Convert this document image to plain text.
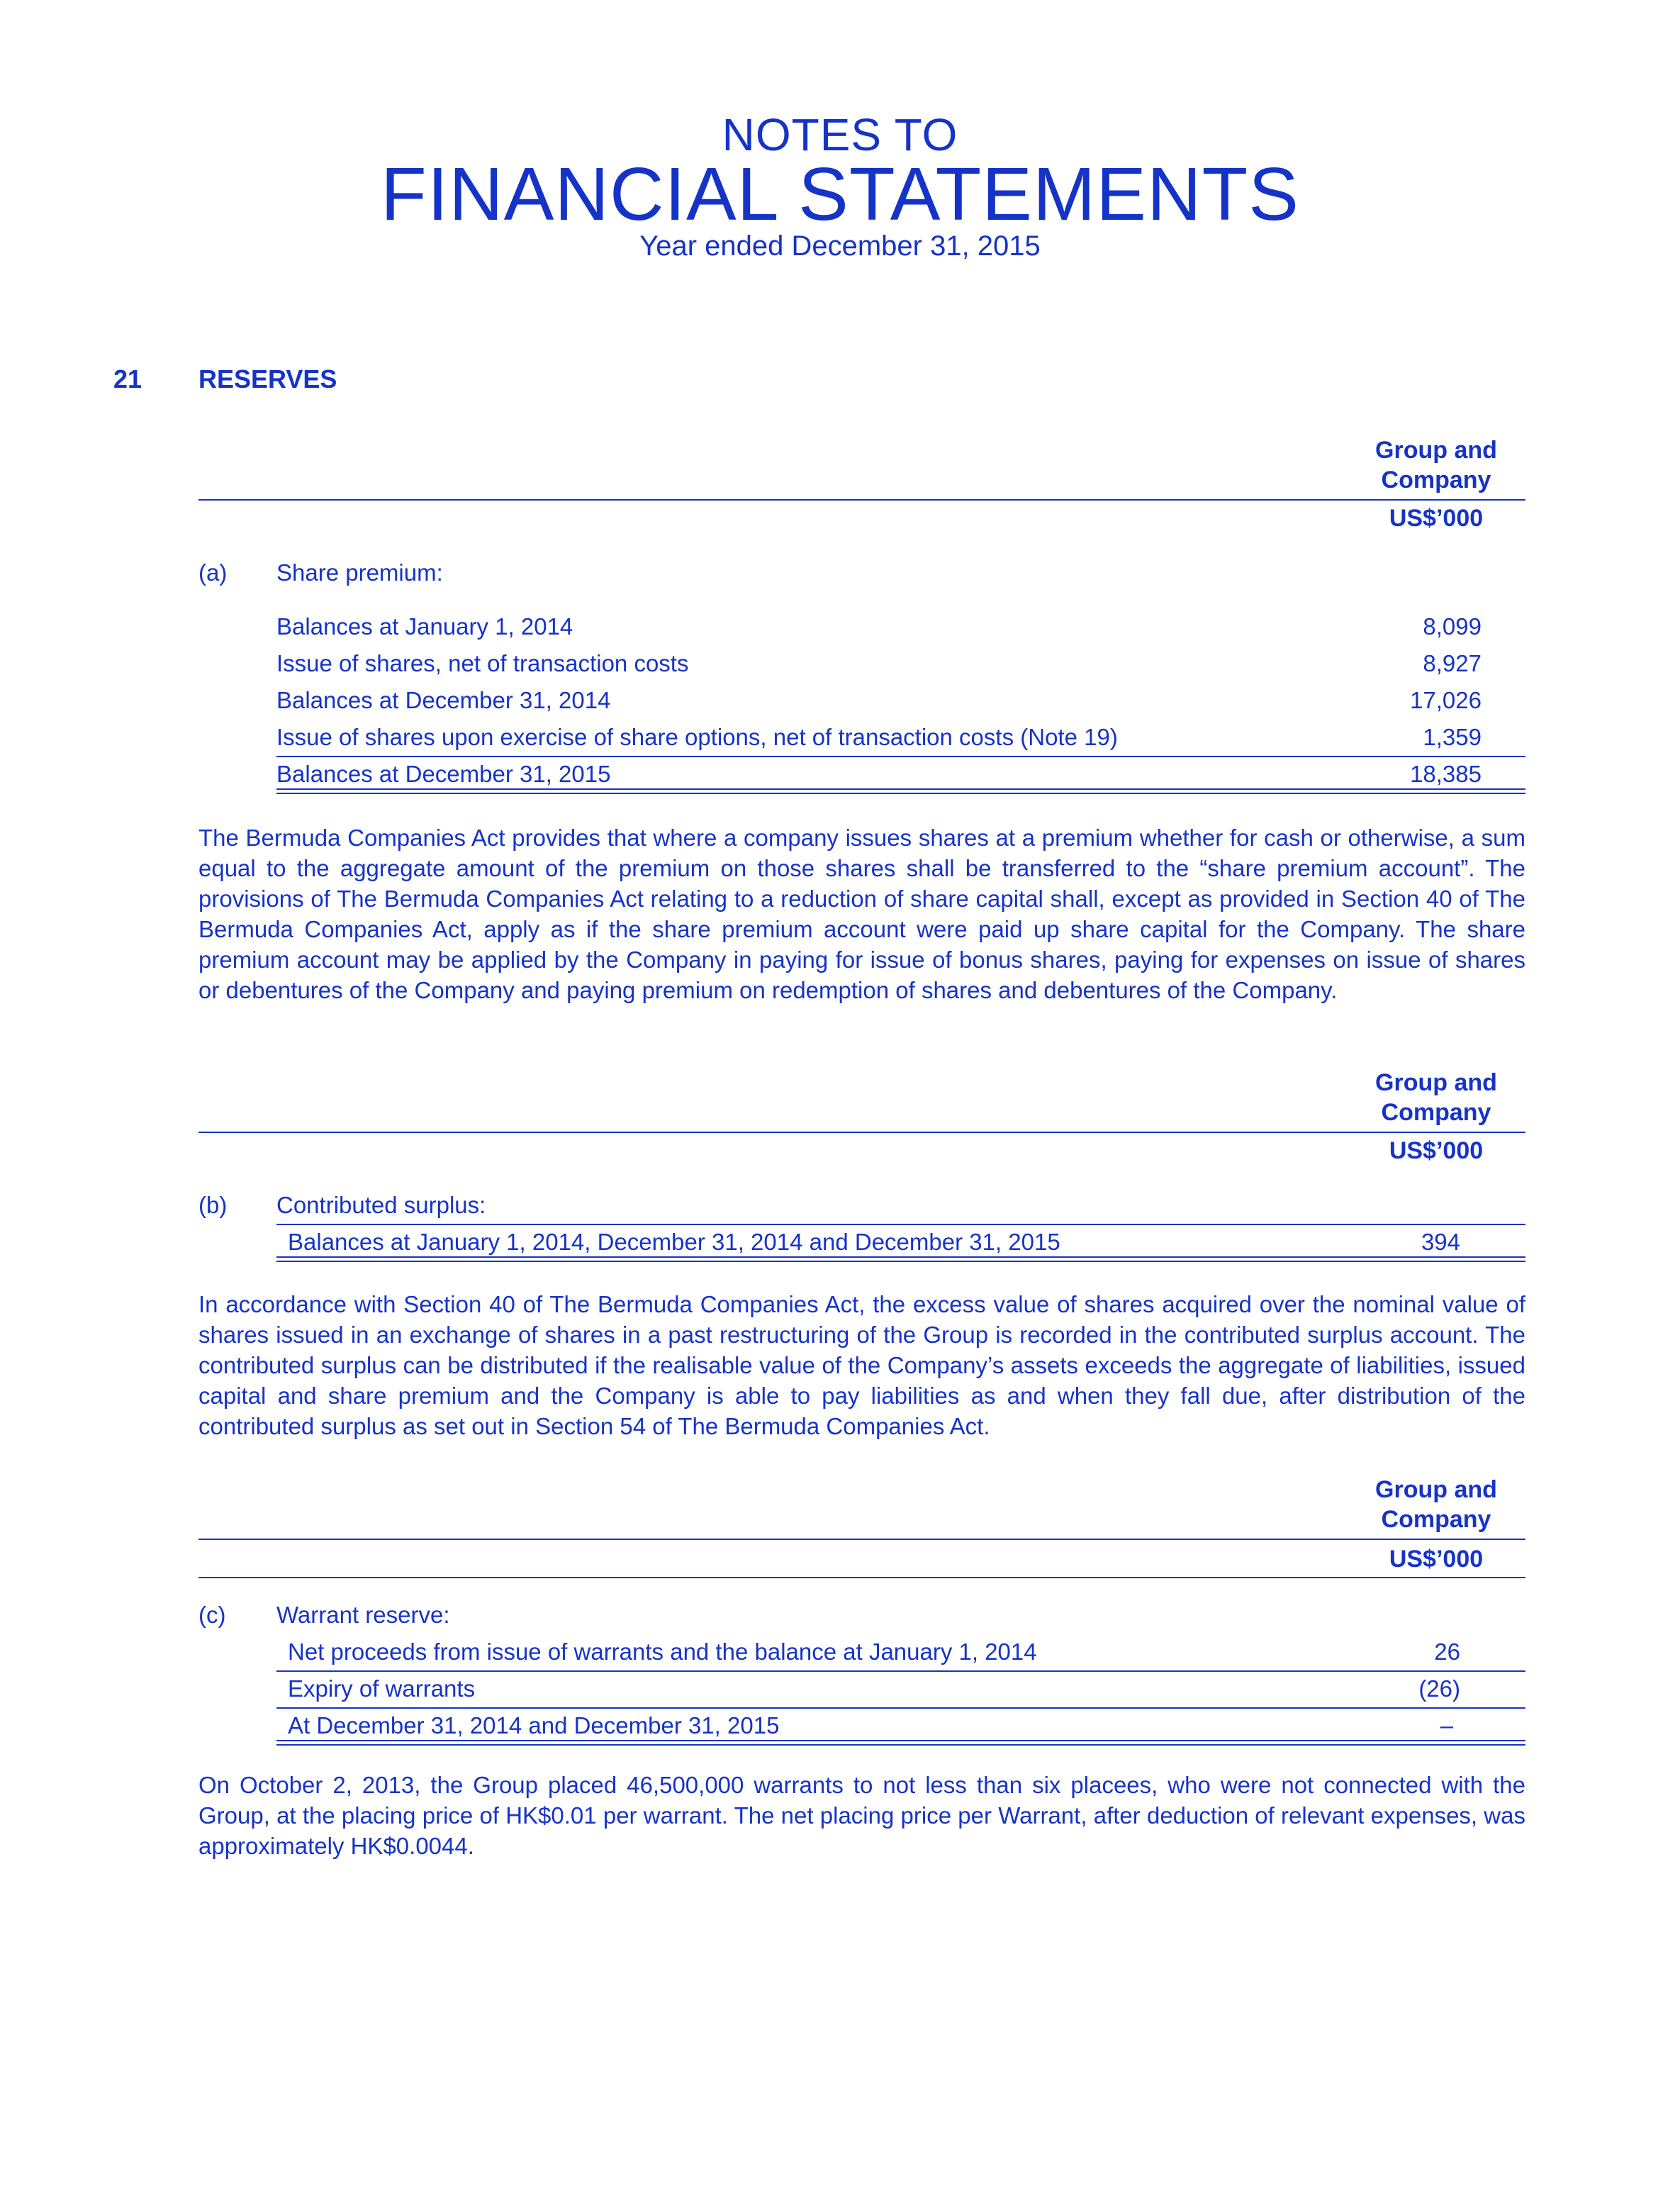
NOTES TO
FINANCIAL STATEMENTS
Year ended December 31, 2015
21 RESERVES
Group and
Company
US$’000
(a) Share premium:
Balances at January 1, 2014	8,099
Issue of shares, net of transaction costs	8,927
Balances at December 31, 2014	17,026
Issue of shares upon exercise of share options, net of transaction costs (Note 19)	1,359
Balances at December 31, 2015	18,385
The Bermuda Companies Act provides that where a company issues shares at a premium whether for cash or otherwise, a sum equal to the aggregate amount of the premium on those shares shall be transferred to the “share premium account”. The provisions of The Bermuda Companies Act relating to a reduction of share capital shall, except as provided in Section 40 of The Bermuda Companies Act, apply as if the share premium account were paid up share capital for the Company. The share premium account may be applied by the Company in paying for issue of bonus shares, paying for expenses on issue of shares or debentures of the Company and paying premium on redemption of shares and debentures of the Company.
Group and
Company
US$’000
(b) Contributed surplus:
Balances at January 1, 2014, December 31, 2014 and December 31, 2015	394
In accordance with Section 40 of The Bermuda Companies Act, the excess value of shares acquired over the nominal value of shares issued in an exchange of shares in a past restructuring of the Group is recorded in the contributed surplus account. The contributed surplus can be distributed if the realisable value of the Company’s assets exceeds the aggregate of liabilities, issued capital and share premium and the Company is able to pay liabilities as and when they fall due, after distribution of the contributed surplus as set out in Section 54 of The Bermuda Companies Act.
Group and
Company
US$’000
(c) Warrant reserve:
Net proceeds from issue of warrants and the balance at January 1, 2014	26
Expiry of warrants	(26)
At December 31, 2014 and December 31, 2015	–
On October 2, 2013, the Group placed 46,500,000 warrants to not less than six placees, who were not connected with the Group, at the placing price of HK$0.01 per warrant. The net placing price per Warrant, after deduction of relevant expenses, was approximately HK$0.0044.
